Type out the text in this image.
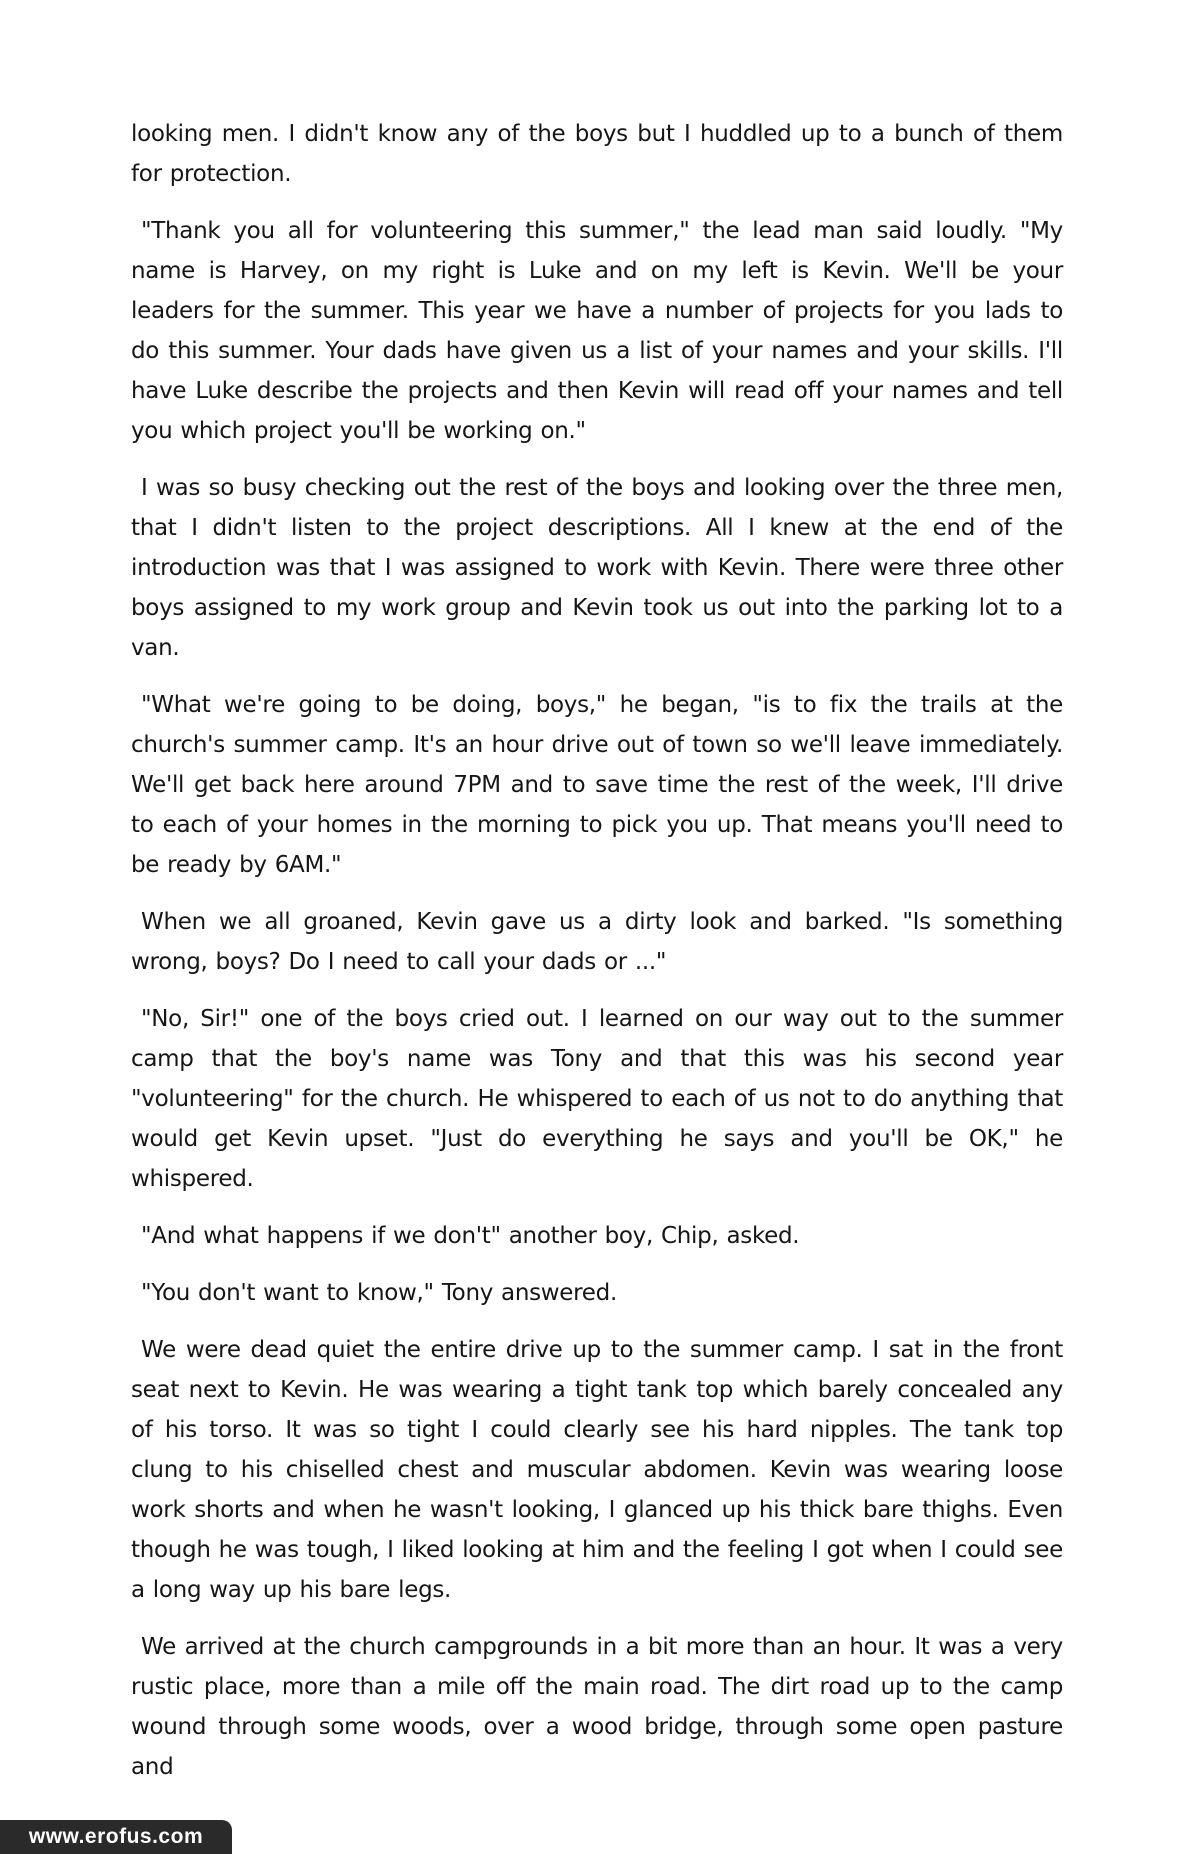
looking men. I didn't know any of the boys but I huddled up to a bunch of them for protection.

"Thank you all for volunteering this summer," the lead man said loudly. "My name is Harvey, on my right is Luke and on my left is Kevin. We'll be your leaders for the summer. This year we have a number of projects for you lads to do this summer. Your dads have given us a list of your names and your skills. I'll have Luke describe the projects and then Kevin will read off your names and tell you which project you'll be working on."

I was so busy checking out the rest of the boys and looking over the three men, that I didn't listen to the project descriptions. All I knew at the end of the introduction was that I was assigned to work with Kevin. There were three other boys assigned to my work group and Kevin took us out into the parking lot to a van.

"What we're going to be doing, boys," he began, "is to fix the trails at the church's summer camp. It's an hour drive out of town so we'll leave immediately. We'll get back here around 7PM and to save time the rest of the week, I'll drive to each of your homes in the morning to pick you up. That means you'll need to be ready by 6AM."

When we all groaned, Kevin gave us a dirty look and barked. "Is something wrong, boys? Do I need to call your dads or ..."

"No, Sir!" one of the boys cried out. I learned on our way out to the summer camp that the boy's name was Tony and that this was his second year "volunteering" for the church. He whispered to each of us not to do anything that would get Kevin upset. "Just do everything he says and you'll be OK," he whispered.

"And what happens if we don't" another boy, Chip, asked.

"You don't want to know," Tony answered.

We were dead quiet the entire drive up to the summer camp. I sat in the front seat next to Kevin. He was wearing a tight tank top which barely concealed any of his torso. It was so tight I could clearly see his hard nipples. The tank top clung to his chiselled chest and muscular abdomen. Kevin was wearing loose work shorts and when he wasn't looking, I glanced up his thick bare thighs. Even though he was tough, I liked looking at him and the feeling I got when I could see a long way up his bare legs.

We arrived at the church campgrounds in a bit more than an hour. It was a very rustic place, more than a mile off the main road. The dirt road up to the camp wound through some woods, over a wood bridge, through some open pasture and

www.erofus.com
